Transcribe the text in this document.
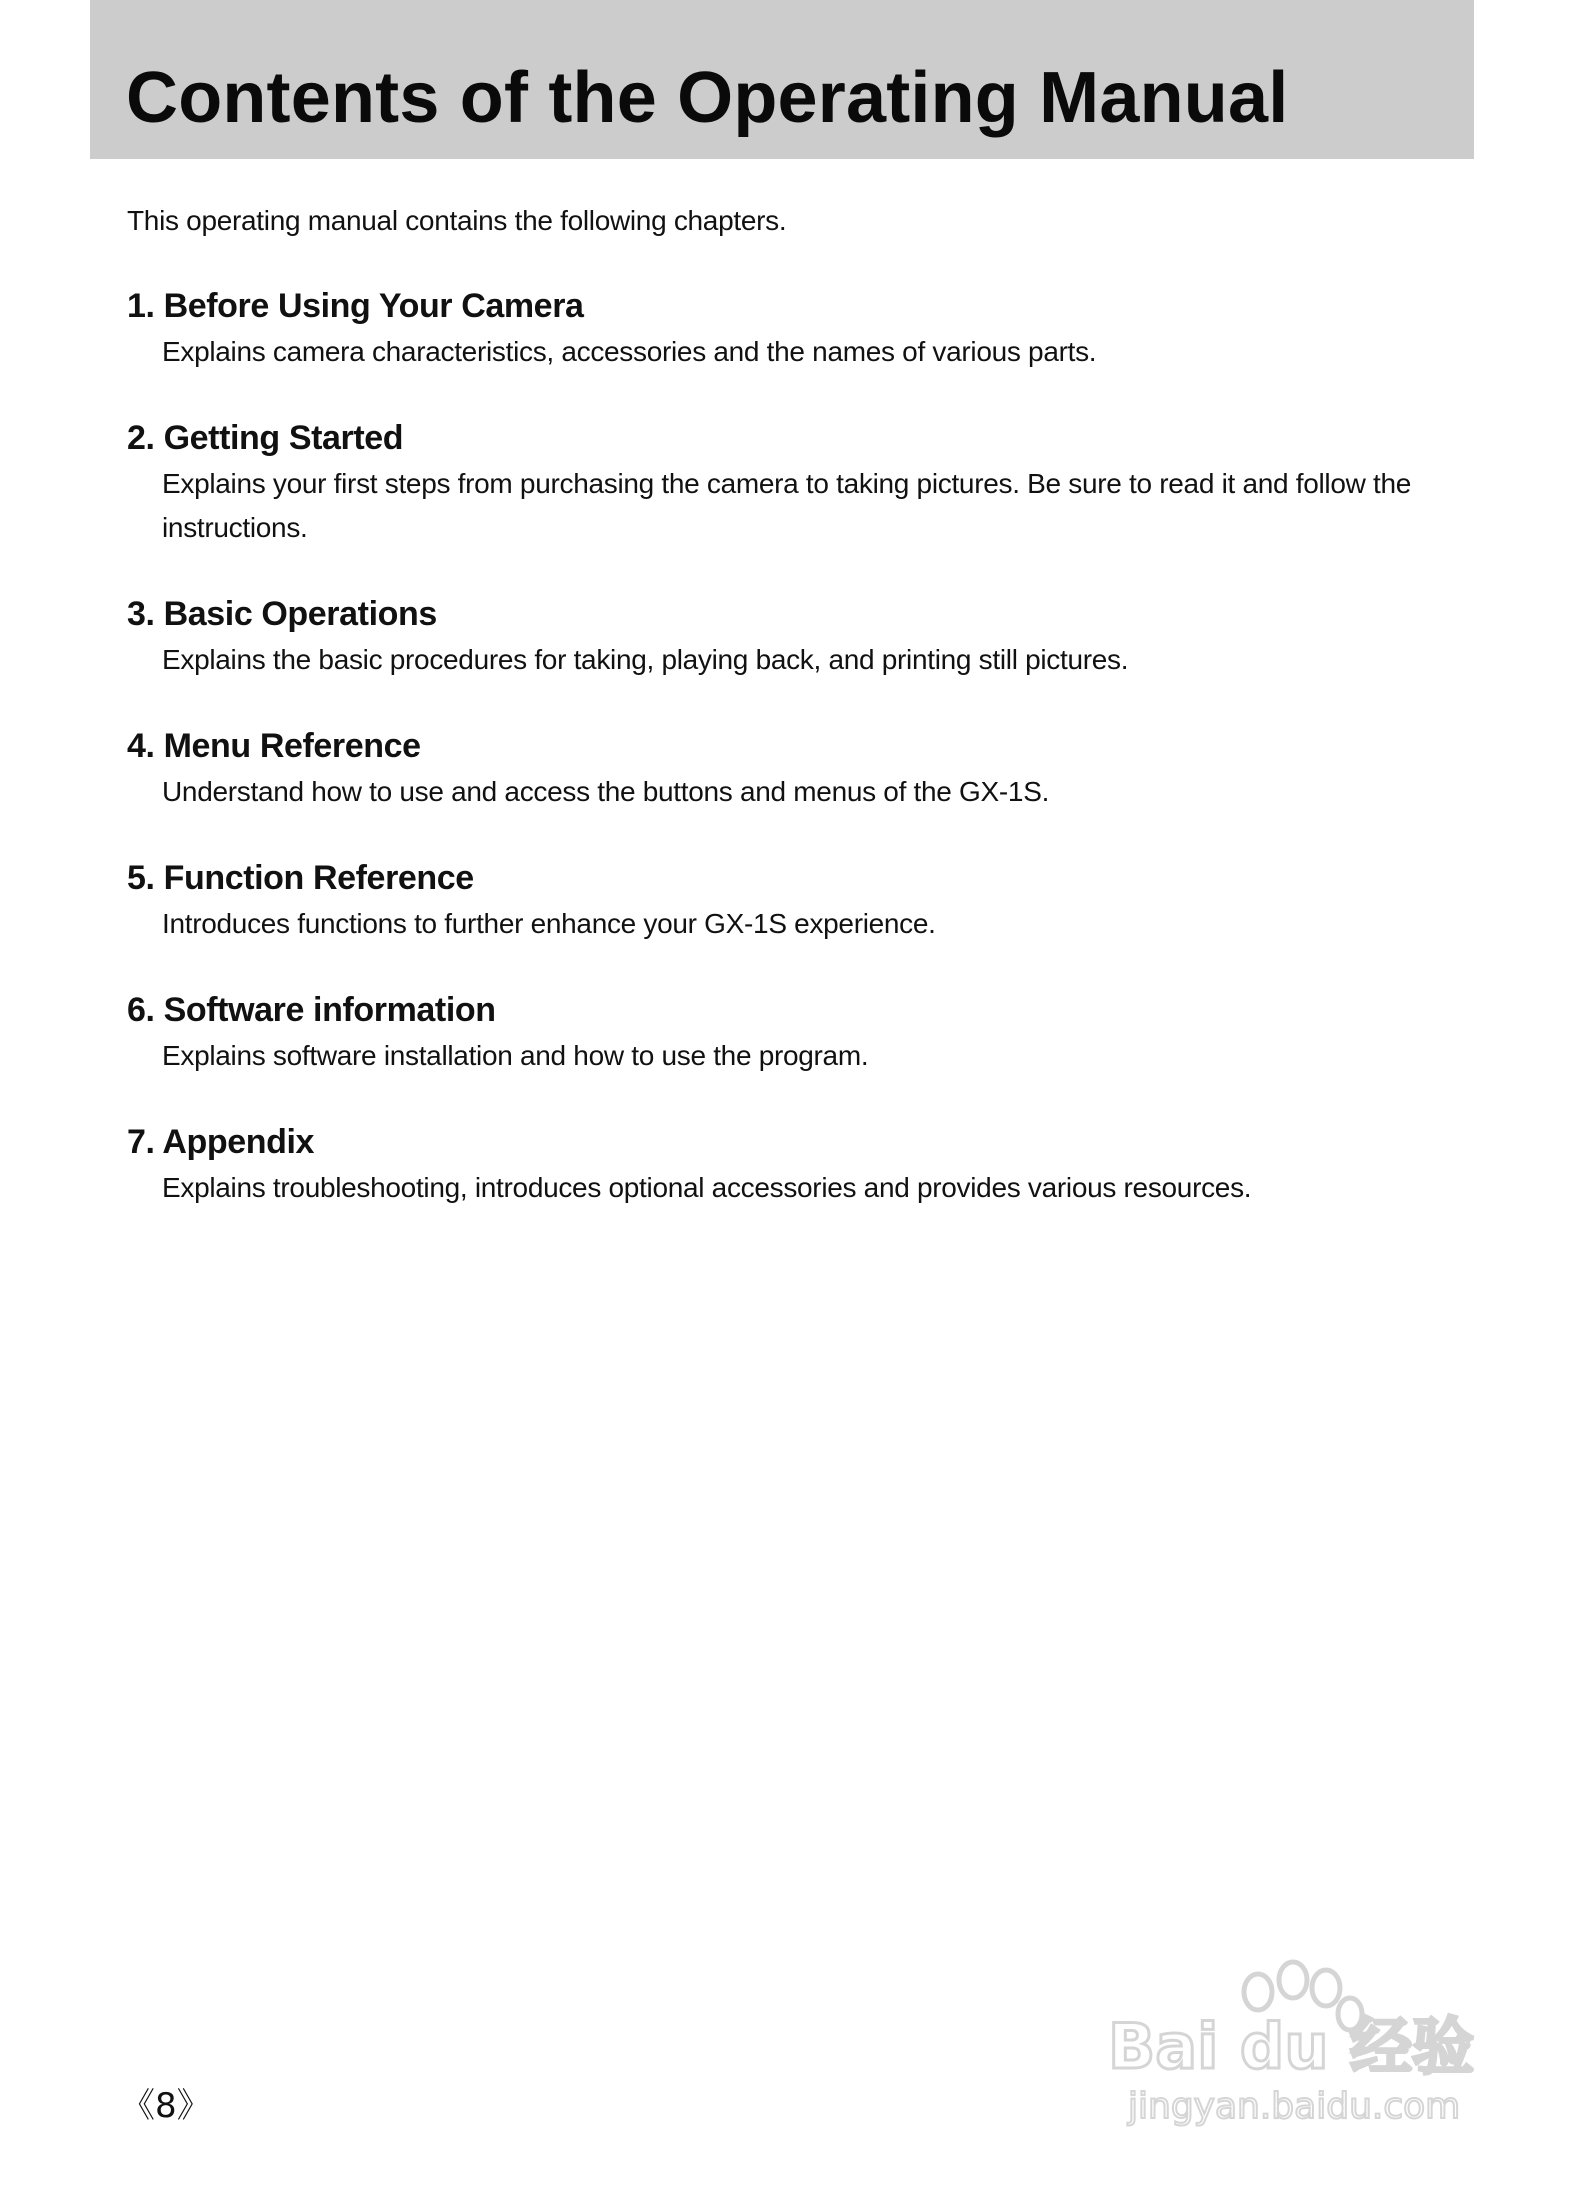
Contents of the Operating Manual

This operating manual contains the following chapters.

1. Before Using Your Camera

Explains camera characteristics, accessories and the names of various parts.

2. Getting Started

Explains your first steps from purchasing the camera to taking pictures. Be sure to read it and follow the instructions.

3. Basic Operations

Explains the basic procedures for taking, playing back, and printing still pictures.

4. Menu Reference

Understand how to use and access the buttons and menus of the GX-1S.

5. Function Reference

Introduces functions to further enhance your GX-1S experience.

6. Software information

Explains software installation and how to use the program.

7. Appendix

Explains troubleshooting, introduces optional accessories and provides various resources.

《8》
Bai du 经验
jingyan.baidu.com
